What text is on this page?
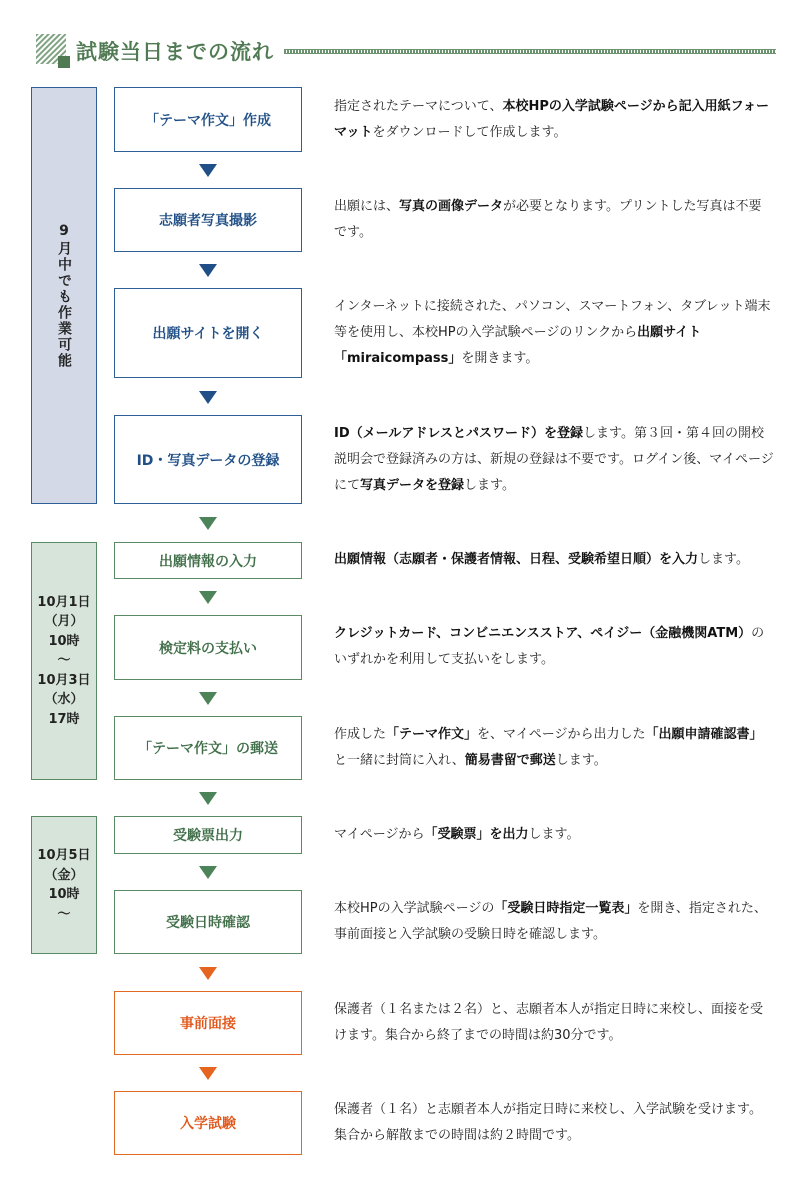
試験当日までの流れ
9月中でも作業可能
10月1日
（月）
10時
～
10月3日
（水）
17時
10月5日
（金）
10時
～
「テーマ作文」作成
志願者写真撮影
出願サイトを開く
ID・写真データの登録
出願情報の入力
検定料の支払い
「テーマ作文」の郵送
受験票出力
受験日時確認
事前面接
入学試験
指定されたテーマについて、本校HPの入学試験ページから記入用紙フォーマットをダウンロードして作成します。
出願には、写真の画像データが必要となります。プリントした写真は不要です。
インターネットに接続された、パソコン、スマートフォン、タブレット端末等を使用し、本校HPの入学試験ページのリンクから出願サイト「miraicompass」を開きます。
ID（メールアドレスとパスワード）を登録します。第３回・第４回の開校説明会で登録済みの方は、新規の登録は不要です。ログイン後、マイページにて写真データを登録します。
出願情報（志願者・保護者情報、日程、受験希望日順）を入力します。
クレジットカード、コンビニエンスストア、ペイジー（金融機関ATM）のいずれかを利用して支払いをします。
作成した「テーマ作文」を、マイページから出力した「出願申請確認書」と一緒に封筒に入れ、簡易書留で郵送します。
マイページから「受験票」を出力します。
本校HPの入学試験ページの「受験日時指定一覧表」を開き、指定された、事前面接と入学試験の受験日時を確認します。
保護者（１名または２名）と、志願者本人が指定日時に来校し、面接を受けます。集合から終了までの時間は約30分です。
保護者（１名）と志願者本人が指定日時に来校し、入学試験を受けます。集合から解散までの時間は約２時間です。
